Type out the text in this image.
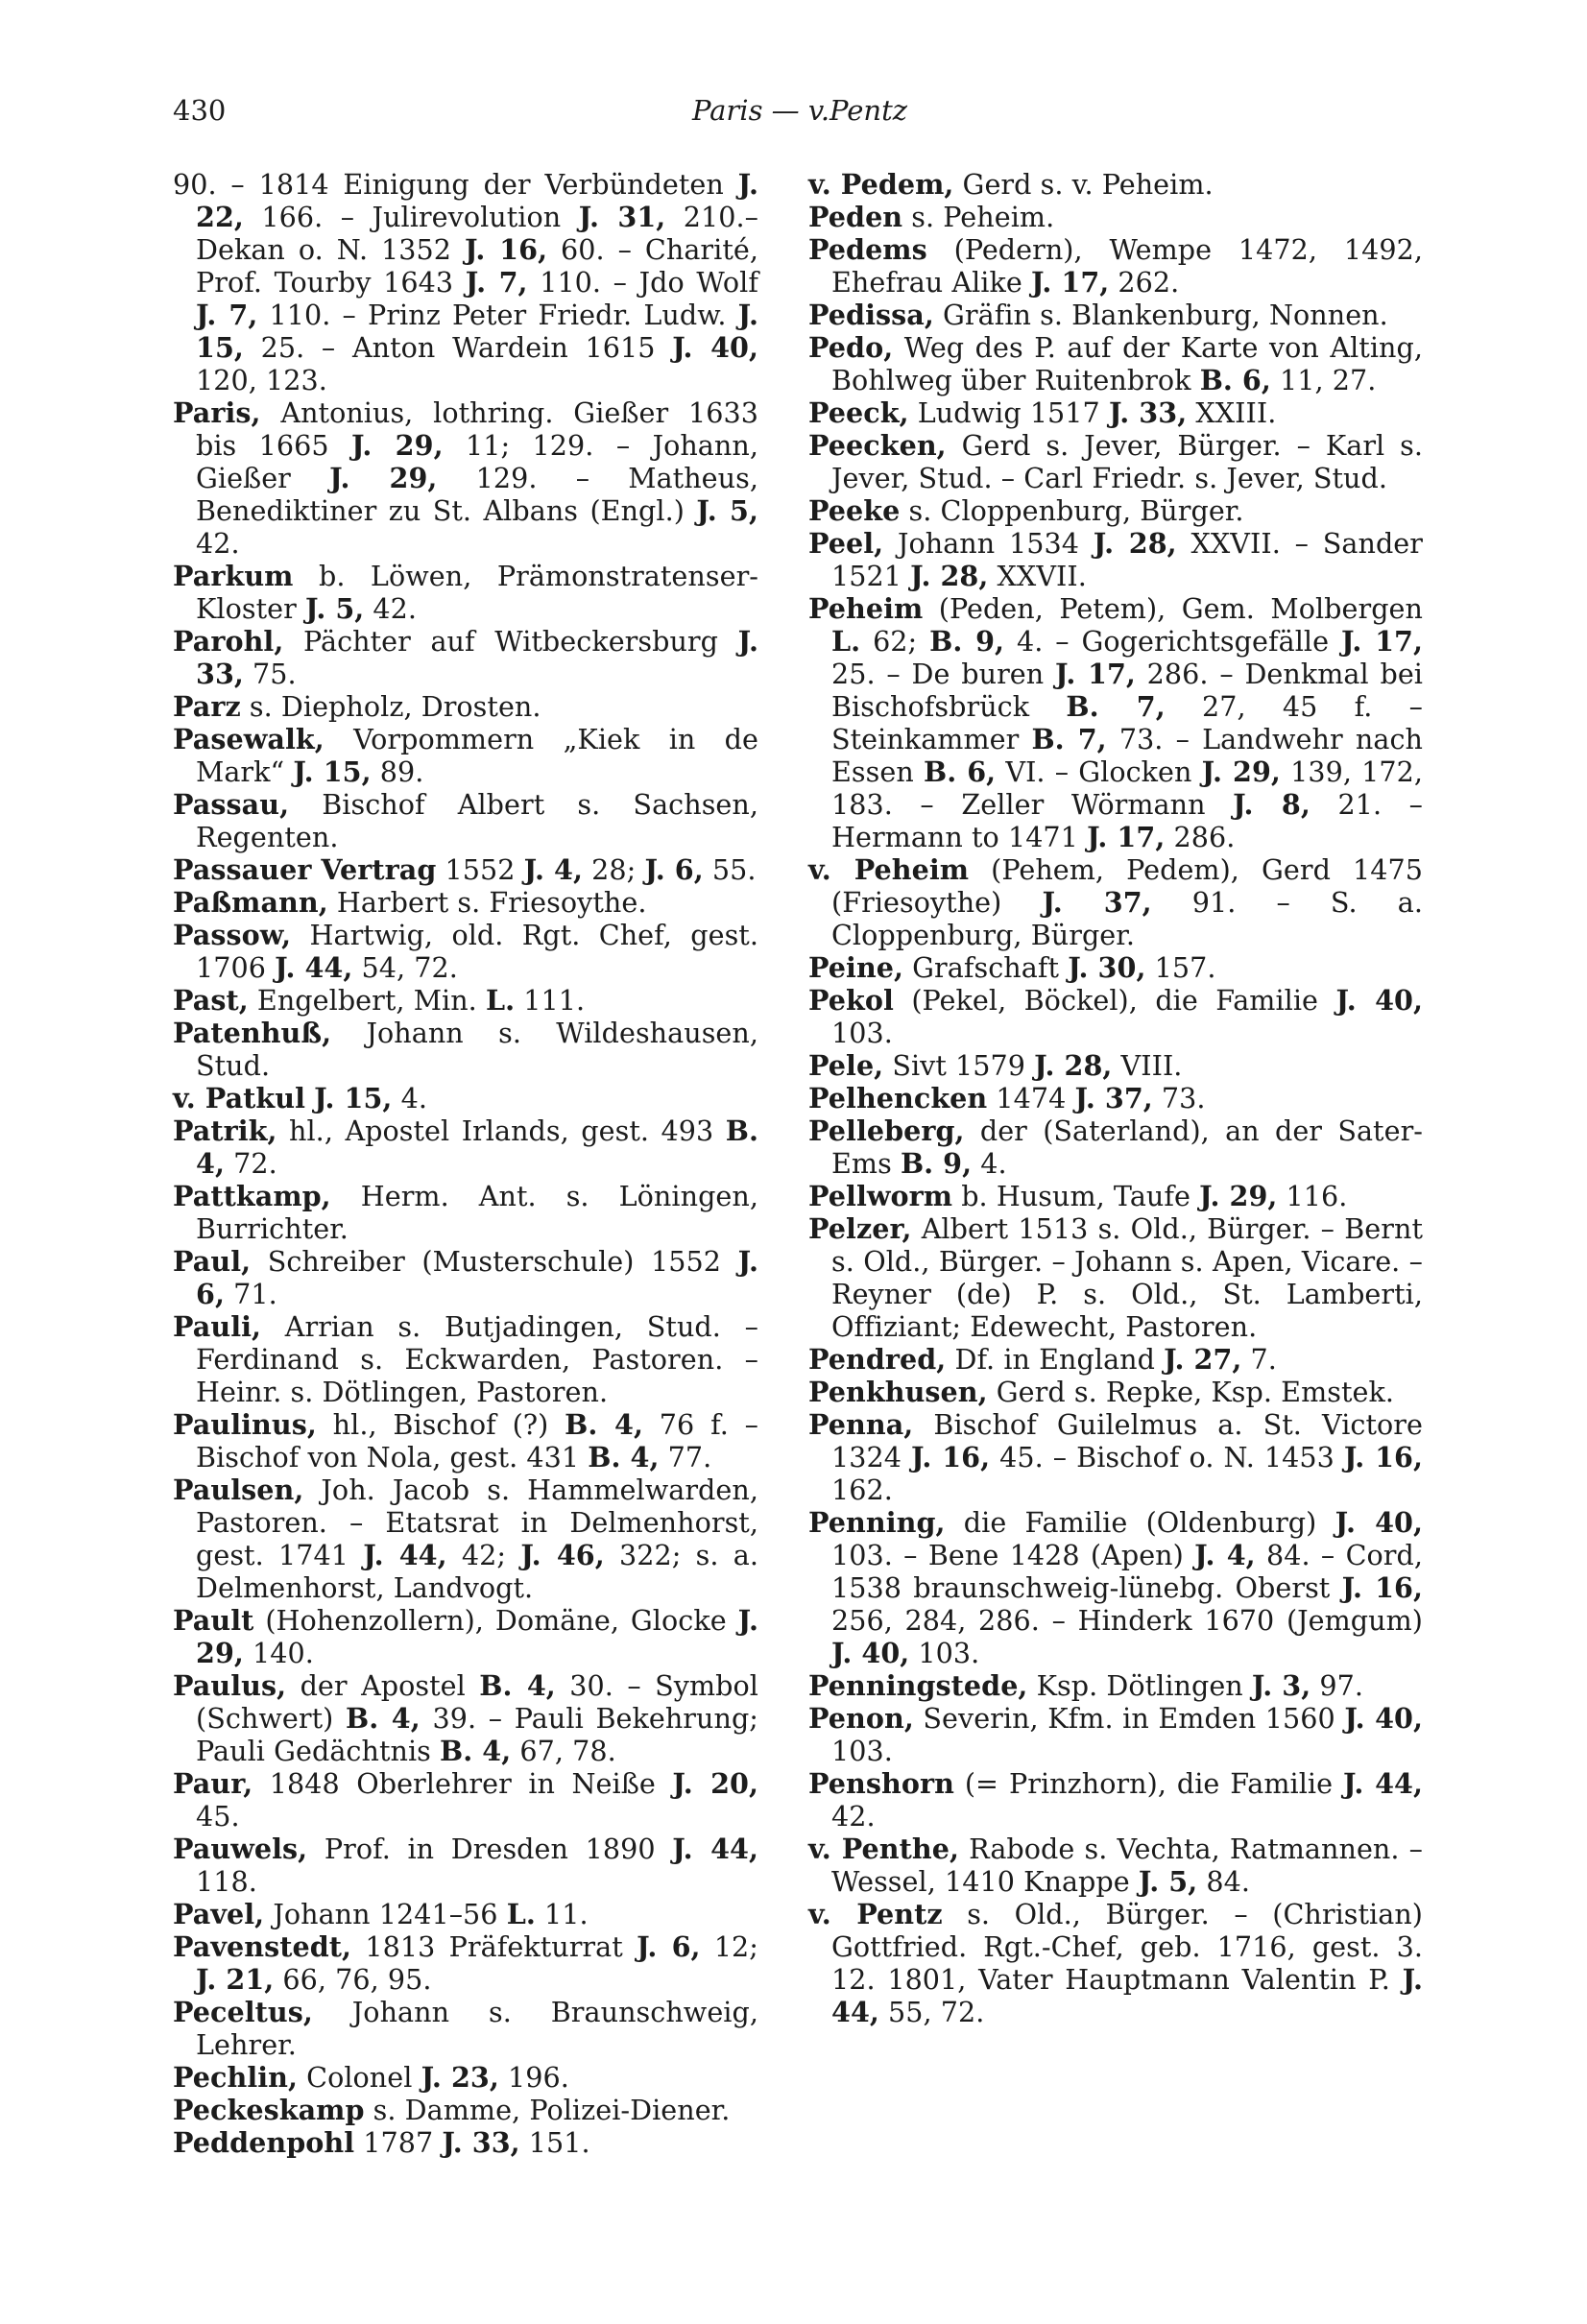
430	Paris — v.Pentz
90. – 1814 Einigung der Verbündeten J. 22, 166. – Julirevolution J. 31, 210.– Dekan o. N. 1352 J. 16, 60. – Charité, Prof. Tourby 1643 J. 7, 110. – Jdo Wolf J. 7, 110. – Prinz Peter Friedr. Ludw. J. 15, 25. – Anton Wardein 1615 J. 40, 120, 123.
Paris, Antonius, lothring. Gießer 1633 bis 1665 J. 29, 11; 129. – Johann, Gießer J. 29, 129. – Matheus, Benediktiner zu St. Albans (Engl.) J. 5, 42.
Parkum b. Löwen, Prämonstratenser-Kloster J. 5, 42.
Parohl, Pächter auf Witbeckersburg J. 33, 75.
Parz s. Diepholz, Drosten.
Pasewalk, Vorpommern „Kiek in de Mark“ J. 15, 89.
Passau, Bischof Albert s. Sachsen, Regenten.
Passauer Vertrag 1552 J. 4, 28; J. 6, 55.
Paßmann, Harbert s. Friesoythe.
Passow, Hartwig, old. Rgt. Chef, gest. 1706 J. 44, 54, 72.
Past, Engelbert, Min. L. 111.
Patenhuß, Johann s. Wildeshausen, Stud.
v. Patkul J. 15, 4.
Patrik, hl., Apostel Irlands, gest. 493 B. 4, 72.
Pattkamp, Herm. Ant. s. Löningen, Burrichter.
Paul, Schreiber (Musterschule) 1552 J. 6, 71.
Pauli, Arrian s. Butjadingen, Stud. – Ferdinand s. Eckwarden, Pastoren. – Heinr. s. Dötlingen, Pastoren.
Paulinus, hl., Bischof (?) B. 4, 76 f. – Bischof von Nola, gest. 431 B. 4, 77.
Paulsen, Joh. Jacob s. Hammelwarden, Pastoren. – Etatsrat in Delmenhorst, gest. 1741 J. 44, 42; J. 46, 322; s. a. Delmenhorst, Landvogt.
Pault (Hohenzollern), Domäne, Glocke J. 29, 140.
Paulus, der Apostel B. 4, 30. – Symbol (Schwert) B. 4, 39. – Pauli Bekehrung; Pauli Gedächtnis B. 4, 67, 78.
Paur, 1848 Oberlehrer in Neiße J. 20, 45.
Pauwels, Prof. in Dresden 1890 J. 44, 118.
Pavel, Johann 1241–56 L. 11.
Pavenstedt, 1813 Präfekturrat J. 6, 12; J. 21, 66, 76, 95.
Peceltus, Johann s. Braunschweig, Lehrer.
Pechlin, Colonel J. 23, 196.
Peckeskamp s. Damme, Polizei-Diener.
Peddenpohl 1787 J. 33, 151.
v. Pedem, Gerd s. v. Peheim.
Peden s. Peheim.
Pedems (Pedern), Wempe 1472, 1492, Ehefrau Alike J. 17, 262.
Pedissa, Gräfin s. Blankenburg, Nonnen.
Pedo, Weg des P. auf der Karte von Alting, Bohlweg über Ruitenbrok B. 6, 11, 27.
Peeck, Ludwig 1517 J. 33, XXIII.
Peecken, Gerd s. Jever, Bürger. – Karl s. Jever, Stud. – Carl Friedr. s. Jever, Stud.
Peeke s. Cloppenburg, Bürger.
Peel, Johann 1534 J. 28, XXVII. – Sander 1521 J. 28, XXVII.
Peheim (Peden, Petem), Gem. Molbergen L. 62; B. 9, 4. – Gogerichtsgefälle J. 17, 25. – De buren J. 17, 286. – Denkmal bei Bischofsbrück B. 7, 27, 45 f. – Steinkammer B. 7, 73. – Landwehr nach Essen B. 6, VI. – Glocken J. 29, 139, 172, 183. – Zeller Wörmann J. 8, 21. – Hermann to 1471 J. 17, 286.
v. Peheim (Pehem, Pedem), Gerd 1475 (Friesoythe) J. 37, 91. – S. a. Cloppenburg, Bürger.
Peine, Grafschaft J. 30, 157.
Pekol (Pekel, Böckel), die Familie J. 40, 103.
Pele, Sivt 1579 J. 28, VIII.
Pelhencken 1474 J. 37, 73.
Pelleberg, der (Saterland), an der Sater-Ems B. 9, 4.
Pellworm b. Husum, Taufe J. 29, 116.
Pelzer, Albert 1513 s. Old., Bürger. – Bernt s. Old., Bürger. – Johann s. Apen, Vicare. – Reyner (de) P. s. Old., St. Lamberti, Offiziant; Edewecht, Pastoren.
Pendred, Df. in England J. 27, 7.
Penkhusen, Gerd s. Repke, Ksp. Emstek.
Penna, Bischof Guilelmus a. St. Victore 1324 J. 16, 45. – Bischof o. N. 1453 J. 16, 162.
Penning, die Familie (Oldenburg) J. 40, 103. – Bene 1428 (Apen) J. 4, 84. – Cord, 1538 braunschweig-lünebg. Oberst J. 16, 256, 284, 286. – Hinderk 1670 (Jemgum) J. 40, 103.
Penningstede, Ksp. Dötlingen J. 3, 97.
Penon, Severin, Kfm. in Emden 1560 J. 40, 103.
Penshorn (= Prinzhorn), die Familie J. 44, 42.
v. Penthe, Rabode s. Vechta, Ratmannen. – Wessel, 1410 Knappe J. 5, 84.
v. Pentz s. Old., Bürger. – (Christian) Gottfried. Rgt.-Chef, geb. 1716, gest. 3. 12. 1801, Vater Hauptmann Valentin P. J. 44, 55, 72.
